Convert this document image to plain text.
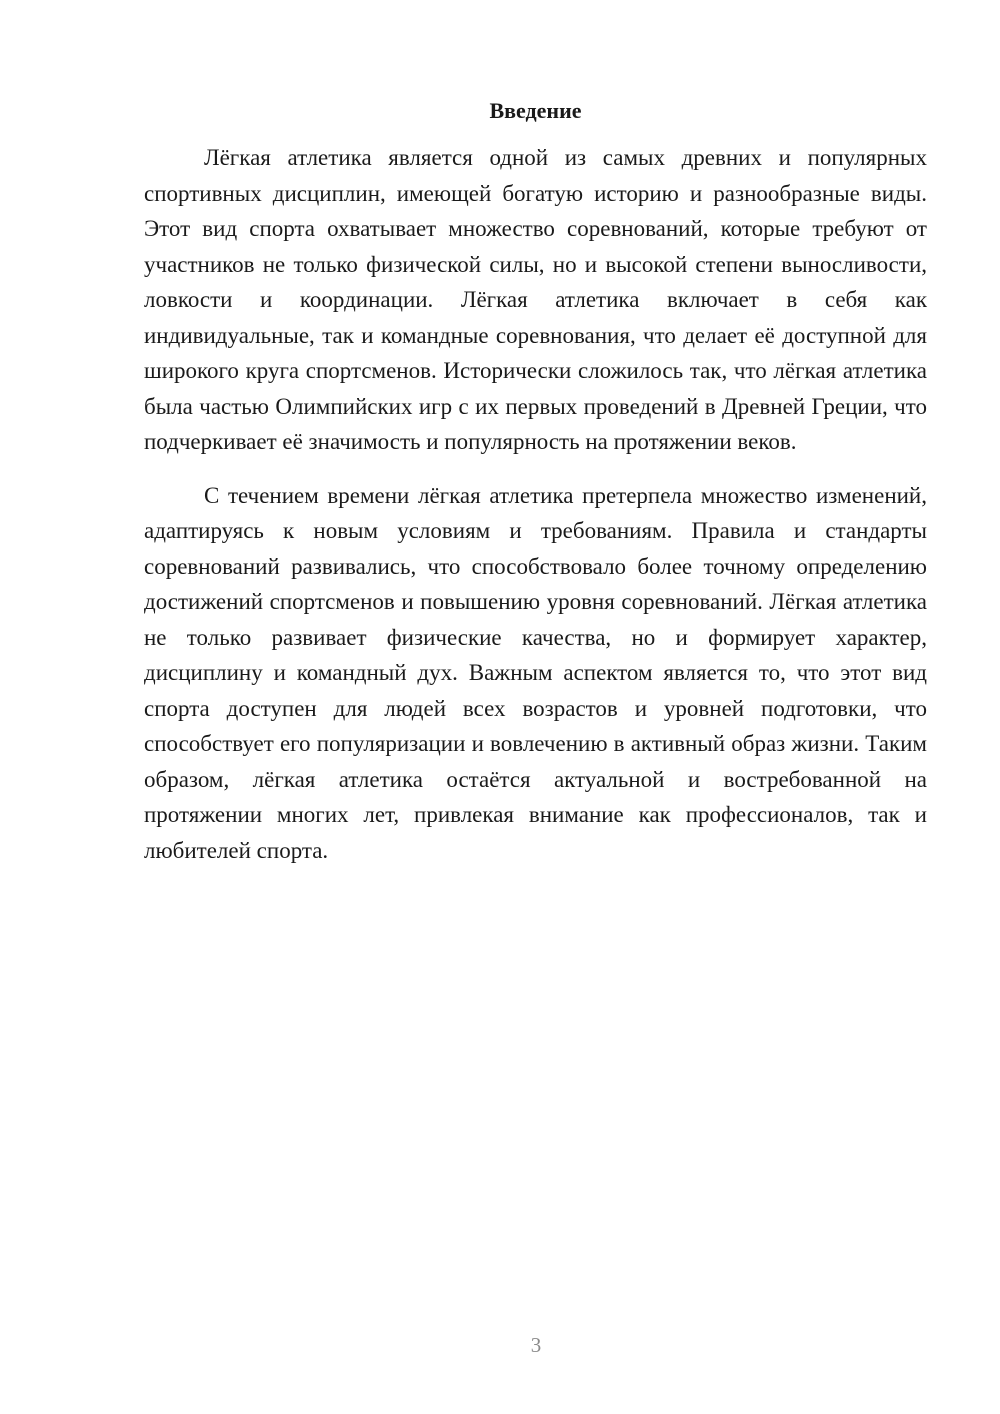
Введение

Лёгкая атлетика является одной из самых древних и популярных спортивных дисциплин, имеющей богатую историю и разнообразные виды. Этот вид спорта охватывает множество соревнований, которые требуют от участников не только физической силы, но и высокой степени выносливости, ловкости и координации. Лёгкая атлетика включает в себя как индивидуальные, так и командные соревнования, что делает её доступной для широкого круга спортсменов. Исторически сложилось так, что лёгкая атлетика была частью Олимпийских игр с их первых проведений в Древней Греции, что подчеркивает её значимость и популярность на протяжении веков.

С течением времени лёгкая атлетика претерпела множество изменений, адаптируясь к новым условиям и требованиям. Правила и стандарты соревнований развивались, что способствовало более точному определению достижений спортсменов и повышению уровня соревнований. Лёгкая атлетика не только развивает физические качества, но и формирует характер, дисциплину и командный дух. Важным аспектом является то, что этот вид спорта доступен для людей всех возрастов и уровней подготовки, что способствует его популяризации и вовлечению в активный образ жизни. Таким образом, лёгкая атлетика остаётся актуальной и востребованной на протяжении многих лет, привлекая внимание как профессионалов, так и любителей спорта.

3
